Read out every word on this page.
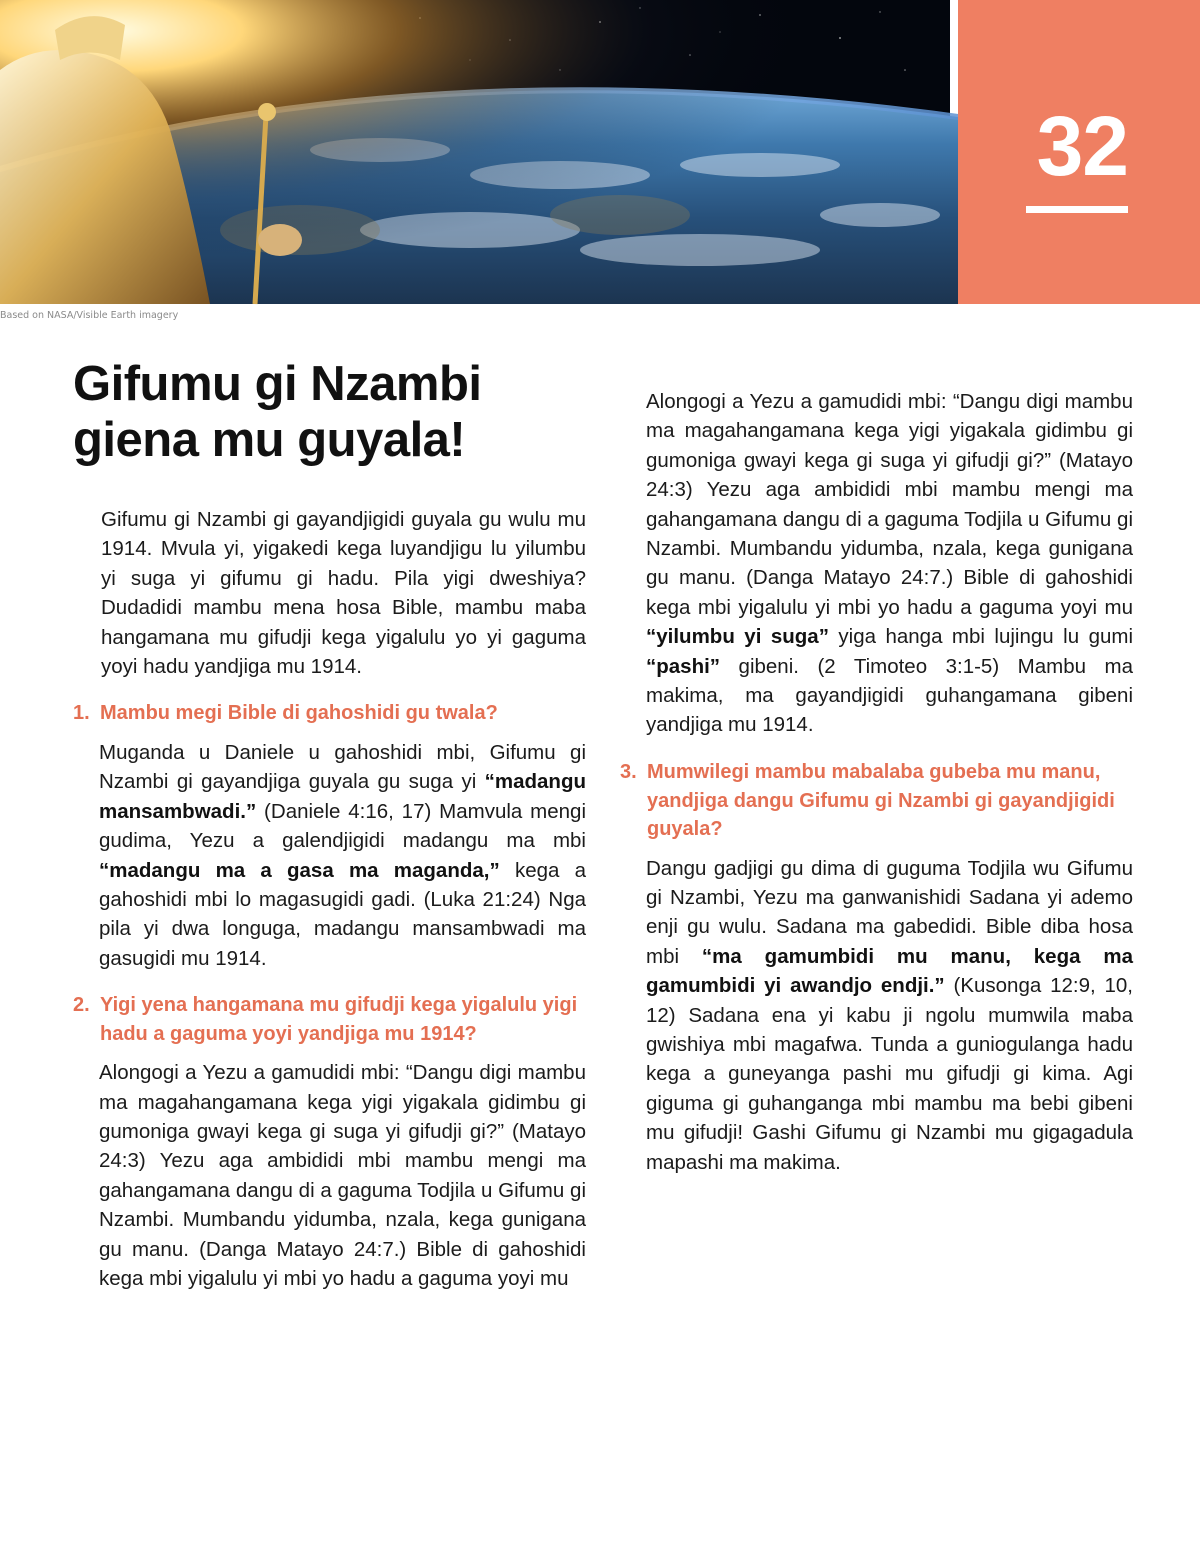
32
Based on NASA/Visible Earth imagery
Gifumu gi Nzambi
giena mu guyala!

Gifumu gi Nzambi gi gayandjigidi guyala gu wulu mu 1914. Mvula yi, yigakedi kega luyandjigu lu yilumbu yi suga yi gifumu gi hadu. Pila yigi dweshiya? Dudadidi mambu mena hosa Bible, mambu maba hangamana mu gifudji kega yigalulu yo yi gaguma yoyi hadu yandjiga mu 1914.

1. Mambu megi Bible di gahoshidi gu twala?

Muganda u Daniele u gahoshidi mbi, Gifumu gi Nzambi gi gayandjiga guyala gu suga yi “madangu mansambwadi.” (Daniele 4:16, 17) Mamvula mengi gudima, Yezu a galendjigidi madangu ma mbi “madangu ma a gasa ma maganda,” kega a gahoshidi mbi lo magasugidi gadi. (Luka 21:24) Nga pila yi dwa longuga, madangu mansambwadi ma gasugidi mu 1914.

2. Yigi yena hangamana mu gifudji kega yigalulu yigi hadu a gaguma yoyi yandjiga mu 1914?

Alongogi a Yezu a gamudidi mbi: “Dangu digi mambu ma magahangamana kega yigi yigakala gidimbu gi gumoniga gwayi kega gi suga yi gifudji gi?” (Matayo 24:3) Yezu aga ambididi mbi mambu mengi ma gahangamana dangu di a gaguma Todjila u Gifumu gi Nzambi. Mumbandu yidumba, nzala, kega gunigana gu manu. (Danga Matayo 24:7.) Bible di gahoshidi kega mbi yigalulu yi mbi yo hadu a gaguma yoyi mu

Alongogi a Yezu a gamudidi mbi: “Dangu digi mambu ma magahangamana kega yigi yigakala gidimbu gi gumoniga gwayi kega gi suga yi gifudji gi?” (Matayo 24:3) Yezu aga ambididi mbi mambu mengi ma gahangamana dangu di a gaguma Todjila u Gifumu gi Nzambi. Mumbandu yidumba, nzala, kega gunigana gu manu. (Danga Matayo 24:7.) Bible di gahoshidi kega mbi yigalulu yi mbi yo hadu a gaguma yoyi mu “yilumbu yi suga” yiga hanga mbi lujingu lu gumi “pashi” gibeni. (2 Timoteo 3:1-5) Mambu ma makima, ma gayandjigidi guhangamana gibeni yandjiga mu 1914.

3. Mumwilegi mambu mabalaba gubeba mu manu, yandjiga dangu Gifumu gi Nzambi gi gayandjigidi guyala?

Dangu gadjigi gu dima di guguma Todjila wu Gifumu gi Nzambi, Yezu ma ganwanishidi Sadana yi ademo enji gu wulu. Sadana ma gabedidi. Bible diba hosa mbi “ma gamumbidi mu manu, kega ma gamumbidi yi awandjo endji.” (Kusonga 12:9, 10, 12) Sadana ena yi kabu ji ngolu mumwila maba gwishiya mbi magafwa. Tunda a guniogulanga hadu kega a guneyanga pashi mu gifudji gi kima. Agi giguma gi guhanganga mbi mambu ma bebi gibeni mu gifudji! Gashi Gifumu gi Nzambi mu gigagadula mapashi ma makima.
